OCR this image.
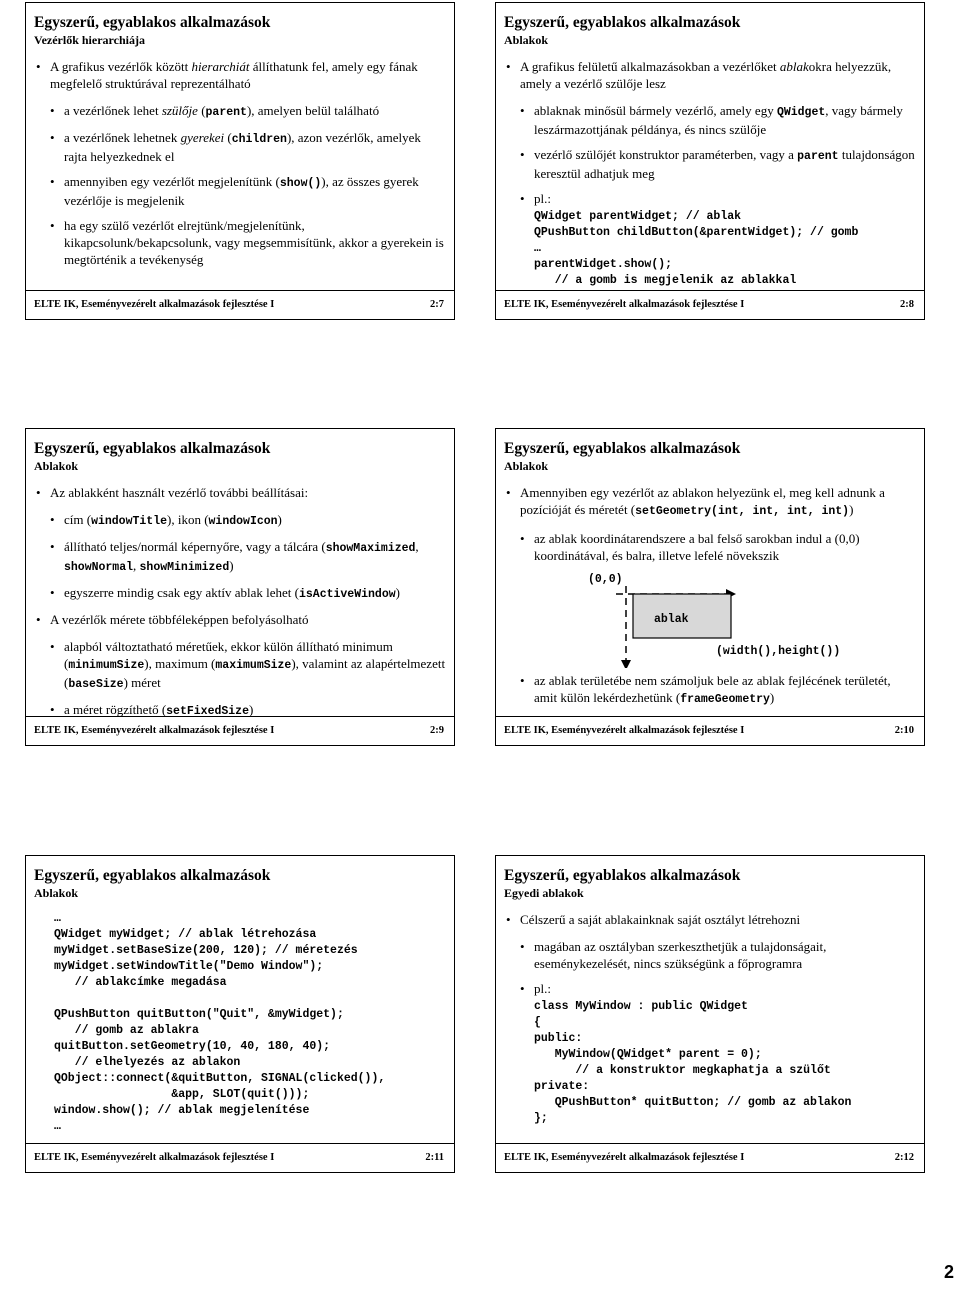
Egyszerű, egyablakos alkalmazások
Vezérlők hierarchiája
• A grafikus vezérlők között hierarchiát állíthatunk fel, amely egy fának megfelelő struktúrával reprezentálható
• a vezérlőnek lehet szülője (parent), amelyen belül található
• a vezérlőnek lehetnek gyerekei (children), azon vezérlők, amelyek rajta helyezkednek el
• amennyiben egy vezérlőt megjelenítünk (show()), az összes gyerek vezérlője is megjelenik
• ha egy szülő vezérlőt elrejtünk/megjelenítünk, kikapcsolunk/bekapcsolunk, vagy megsemmisítünk, akkor a gyerekein is megtörténik a tevékenység
ELTE IK, Eseményvezérelt alkalmazások fejlesztése I	2:7
Egyszerű, egyablakos alkalmazások
Ablakok
• A grafikus felületű alkalmazásokban a vezérlőket ablakokra helyezzük, amely a vezérlő szülője lesz
• ablaknak minősül bármely vezérlő, amely egy QWidget, vagy bármely leszármazottjának példánya, és nincs szülője
• vezérlő szülőjét konstruktor paraméterben, vagy a parent tulajdonságon keresztül adhatjuk meg
• pl.:
QWidget parentWidget; // ablak
QPushButton childButton(&parentWidget); // gomb
…
parentWidget.show();
// a gomb is megjelenik az ablakkal
ELTE IK, Eseményvezérelt alkalmazások fejlesztése I	2:8
Egyszerű, egyablakos alkalmazások
Ablakok
• Az ablakként használt vezérlő további beállításai:
• cím (windowTitle), ikon (windowIcon)
• állítható teljes/normál képernyőre, vagy a tálcára (showMaximized, showNormal, showMinimized)
• egyszerre mindig csak egy aktív ablak lehet (isActiveWindow)
• A vezérlők mérete többféleképpen befolyásolható
• alapból változtatható méretűek, ekkor külön állítható minimum (minimumSize), maximum (maximumSize), valamint az alapértelmezett (baseSize) méret
• a méret rögzíthető (setFixedSize)
ELTE IK, Eseményvezérelt alkalmazások fejlesztése I	2:9
Egyszerű, egyablakos alkalmazások
Ablakok
• Amennyiben egy vezérlőt az ablakon helyezünk el, meg kell adnunk a pozícióját és méretét (setGeometry(int, int, int, int))
• az ablak koordinátarendszere a bal felső sarokban indul a (0,0) koordinátával, és balra, illetve lefelé növekszik
(0,0)
ablak
(width(),height())
• az ablak területébe nem számoljuk bele az ablak fejlécének területét, amit külön lekérdezhetünk (frameGeometry)
ELTE IK, Eseményvezérelt alkalmazások fejlesztése I	2:10
Egyszerű, egyablakos alkalmazások
Ablakok
…
QWidget myWidget; // ablak létrehozása
myWidget.setBaseSize(200, 120); // méretezés
myWidget.setWindowTitle("Demo Window");
// ablakcímke megadása

QPushButton quitButton("Quit", &myWidget);
// gomb az ablakra
quitButton.setGeometry(10, 40, 180, 40);
// elhelyezés az ablakon
QObject::connect(&quitButton, SIGNAL(clicked()),
&app, SLOT(quit()));
window.show(); // ablak megjelenítése
…
ELTE IK, Eseményvezérelt alkalmazások fejlesztése I	2:11
Egyszerű, egyablakos alkalmazások
Egyedi ablakok
• Célszerű a saját ablakainknak saját osztályt létrehozni
• magában az osztályban szerkeszthetjük a tulajdonságait, eseménykezelését, nincs szükségünk a főprogramra
• pl.:
class MyWindow : public QWidget
{
public:
MyWindow(QWidget* parent = 0);
// a konstruktor megkaphatja a szülőt
private:
QPushButton* quitButton; // gomb az ablakon
};
ELTE IK, Eseményvezérelt alkalmazások fejlesztése I	2:12
2
